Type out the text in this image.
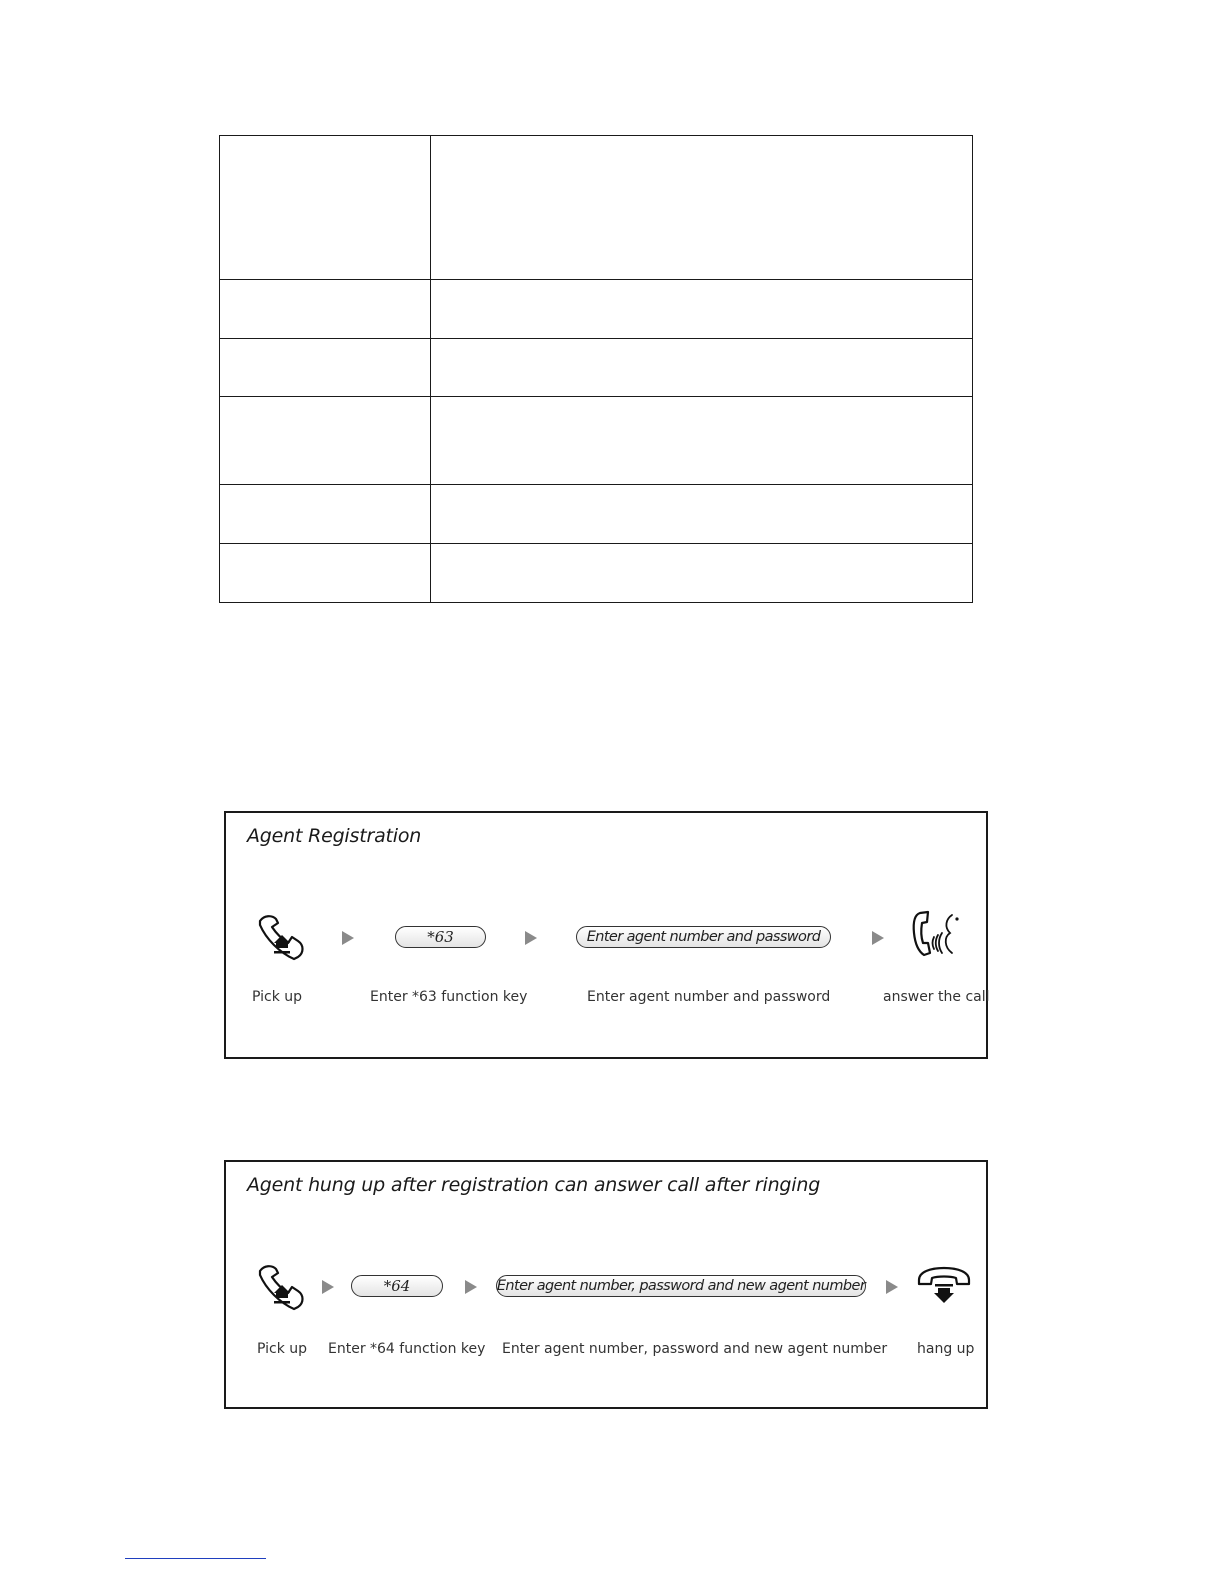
Agent Registration
Pick up
*63
Enter *63 function key
Enter agent number and password
Enter agent number and password	answer the call
Agent hung up after registration can answer call after ringing
Pick up
*64
Enter *64 function key
Enter agent number, password and new agent number
Enter agent number, password and new agent number hang up
